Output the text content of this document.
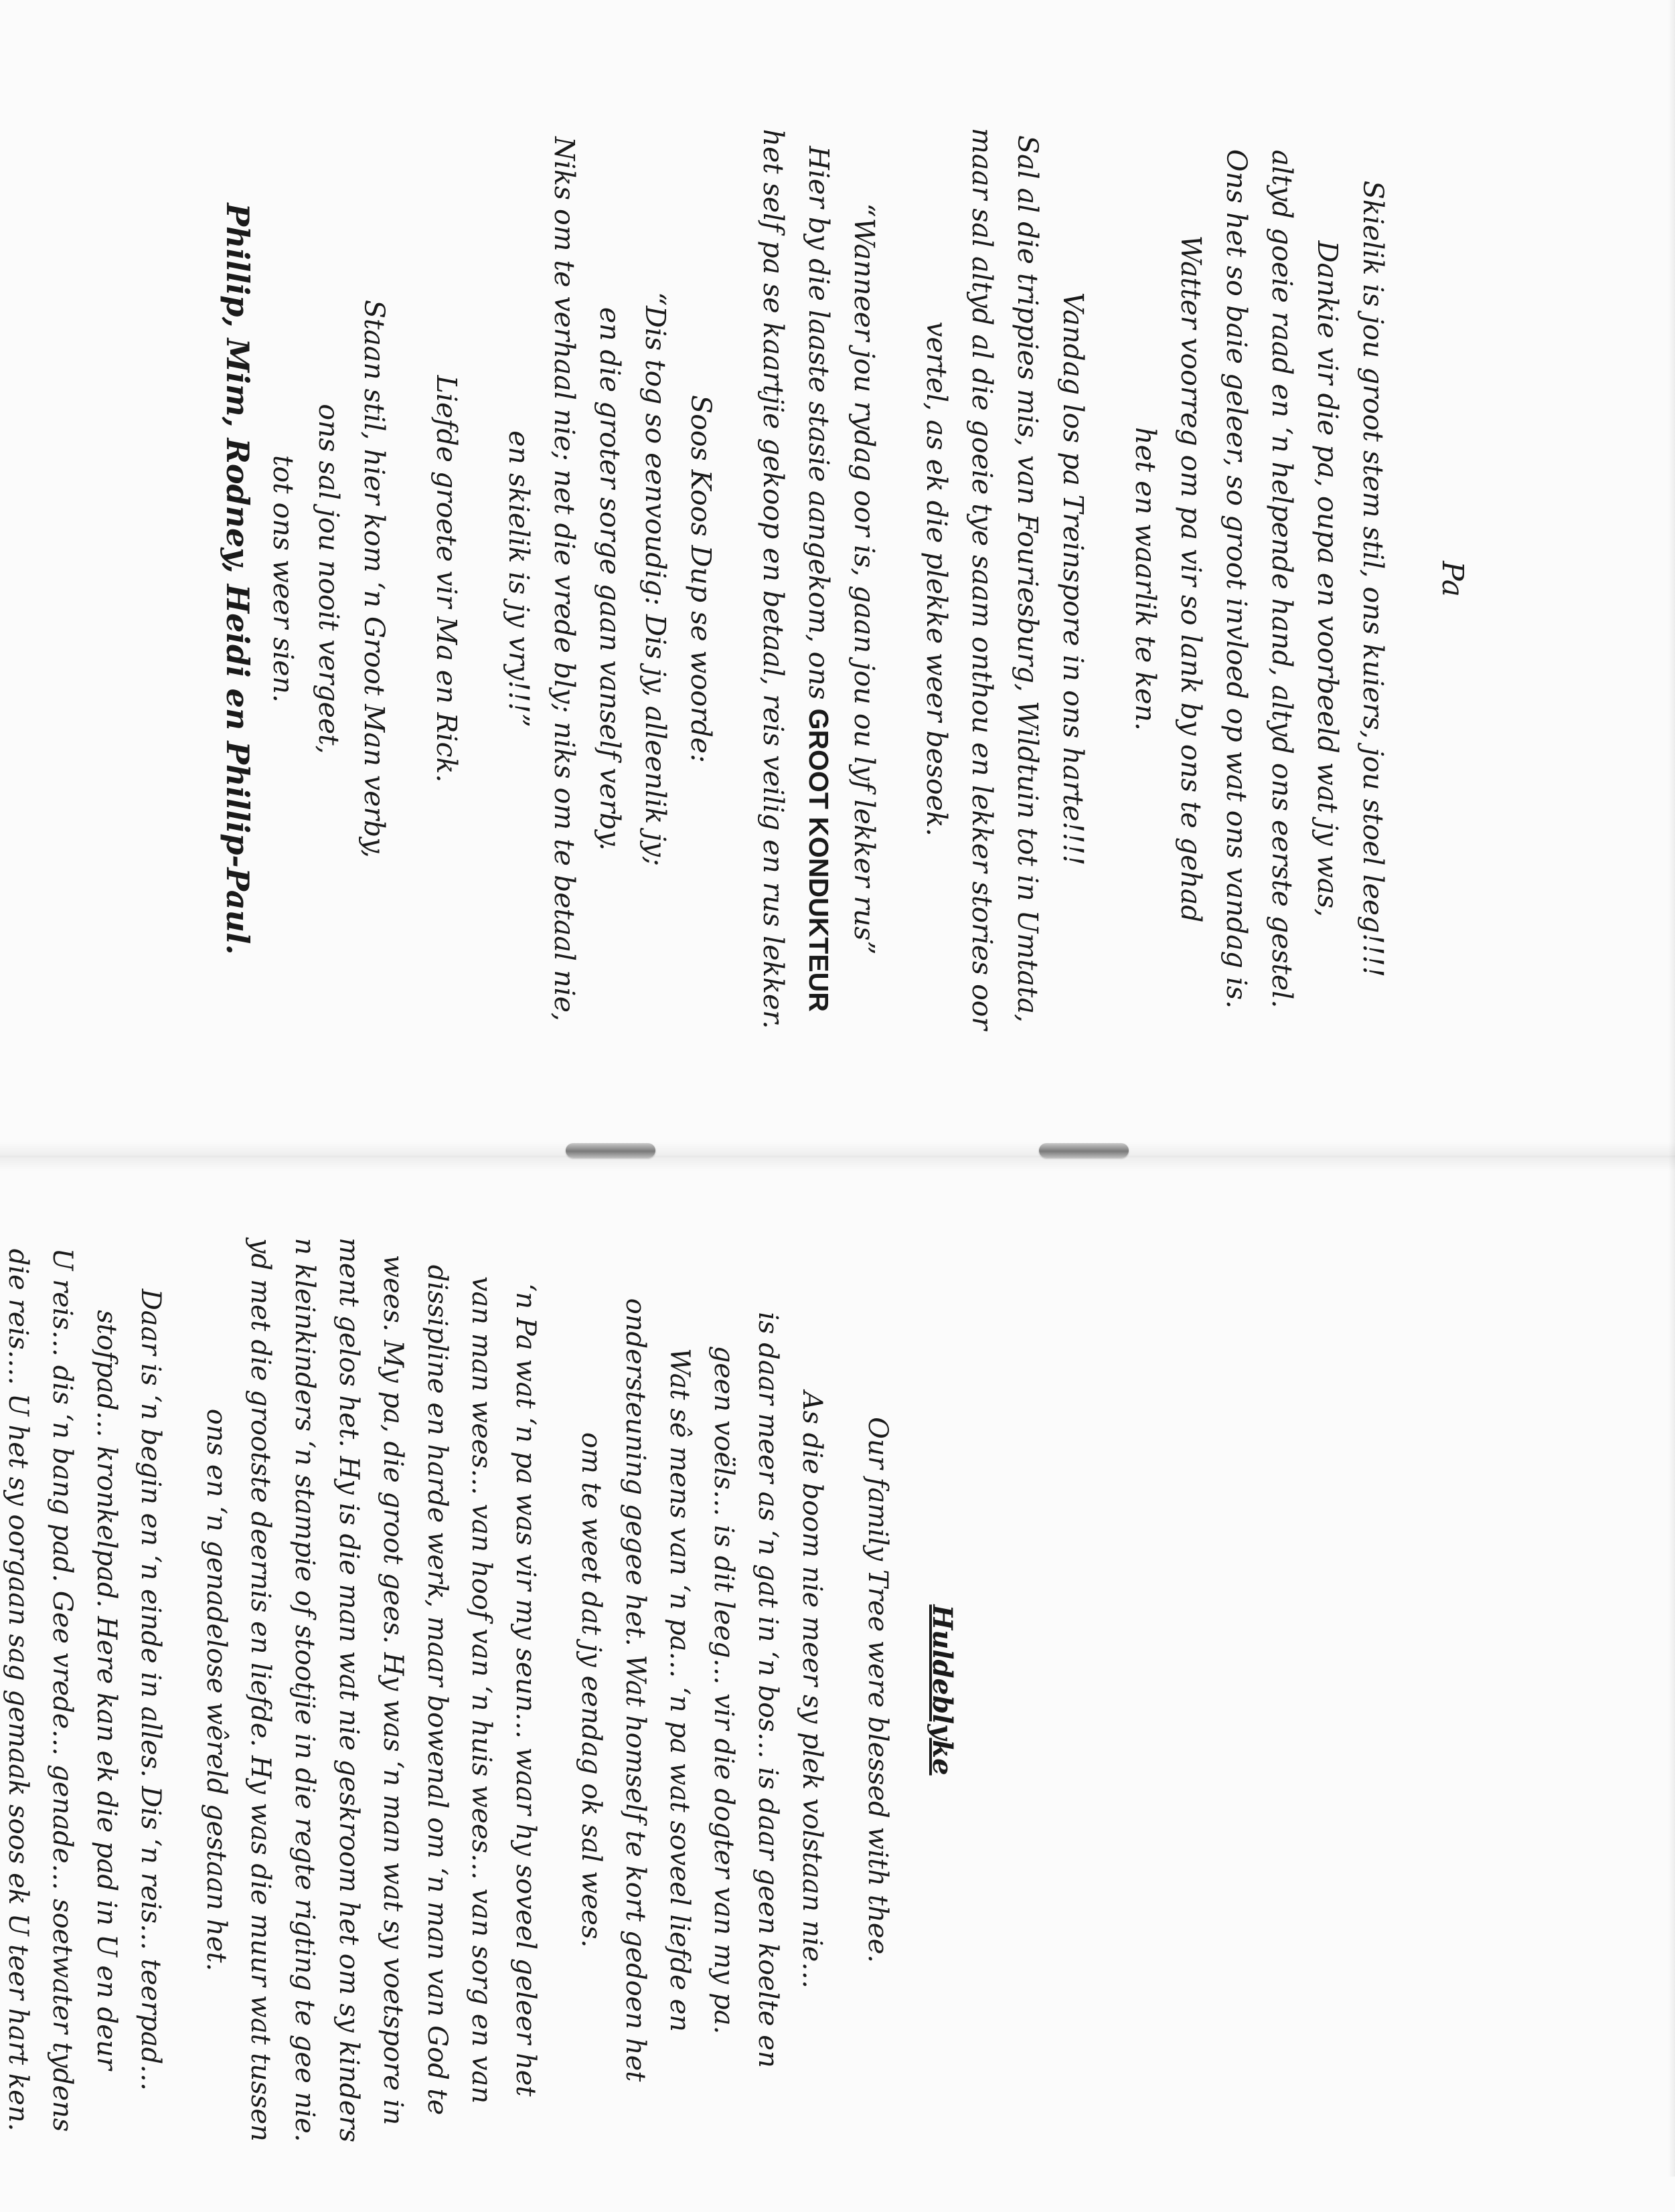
Pa
Skielik is jou groot stem stil, ons kuiers, jou stoel leeg!!!!
Dankie vir die pa, oupa en voorbeeld wat jy was,
altyd goeie raad en ‘n helpende hand, altyd ons eerste gestel.
Ons het so baie geleer, so groot invloed op wat ons vandag is.
Watter voorreg om pa vir so lank by ons te gehad
het en waarlik te ken.
Vandag los pa Treinspore in ons harte!!!!
Sal al die trippies mis, van Fouriesburg, Wildtuin tot in Umtata,
maar sal altyd al die goeie tye saam onthou en lekker stories oor
vertel, as ek die plekke weer besoek.
“Wanneer jou rydag oor is, gaan jou ou lyf lekker rus”
Hier by die laaste stasie aangekom, ons GROOT KONDUKTEUR
het self pa se kaartjie gekoop en betaal, reis veilig en rus lekker.
Soos Koos Dup se woorde:
“Dis tog so eenvoudig: Dis jy, alleenlik jy;
en die groter sorge gaan vanself verby.
Niks om te verhaal nie; net die vrede bly; niks om te betaal nie,
en skielik is jy vry!!!”
Liefde groete vir Ma en Rick.
Staan stil, hier kom ‘n Groot Man verby,
ons sal jou nooit vergeet,
tot ons weer sien.
Phillip, Mim, Rodney, Heidi en Phillip-Paul.
Huldeblyke
Our family Tree were blessed with thee.
As die boom nie meer sy plek volstaan nie…
is daar meer as ‘n gat in ‘n bos… is daar geen koelte en
geen voëls… is dit leeg… vir die dogter van my pa.
Wat sê mens van ‘n pa… ‘n pa wat soveel liefde en
ondersteuning gegee het. Wat homself te kort gedoen het
om te weet dat jy eendag ok sal wees.
‘n Pa wat ‘n pa was vir my seun… waar hy soveel geleer het
van man wees… van hoof van ‘n huis wees… van sorg en van
dissipline en harde werk, maar bowenal om ‘n man van God te
wees. My pa, die groot gees. Hy was ‘n man wat sy voetspore in
ment gelos het. Hy is die man wat nie geskroom het om sy kinders
n kleinkinders ‘n stampie of stootjie in die regte rigting te gee nie.
yd met die grootste deernis en liefde. Hy was die muur wat tussen
ons en ‘n genadelose wêreld gestaan het.
Daar is ‘n begin en ‘n einde in alles. Dis ‘n reis… teerpad…
stofpad… kronkelpad. Here kan ek die pad in U en deur
U reis… dis ‘n bang pad. Gee vrede… genade… soetwater tydens
die reis…. U het sy oorgaan sag gemaak soos ek U teer hart ken.
